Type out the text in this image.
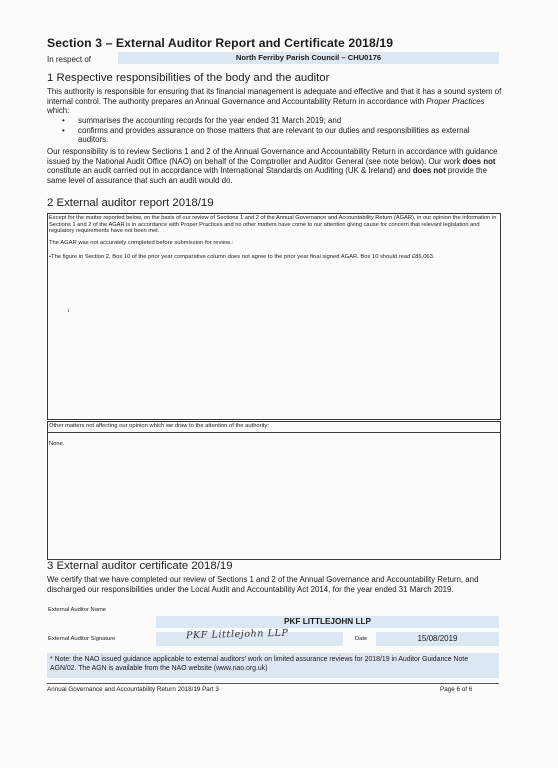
Section 3 – External Auditor Report and Certificate 2018/19
In respect of	North Ferriby Parish Council – CHU0176
1 Respective responsibilities of the body and the auditor
This authority is responsible for ensuring that its financial management is adequate and effective and that it has a sound system of internal control. The authority prepares an Annual Governance and Accountability Return in accordance with Proper Practices which:
• summarises the accounting records for the year ended 31 March 2019; and
• confirms and provides assurance on those matters that are relevant to our duties and responsibilities as external auditors.
Our responsibility is to review Sections 1 and 2 of the Annual Governance and Accountability Return in accordance with guidance issued by the National Audit Office (NAO) on behalf of the Comptroller and Auditor General (see note below). Our work does not constitute an audit carried out in accordance with International Standards on Auditing (UK & Ireland) and does not provide the same level of assurance that such an audit would do.
2 External auditor report 2018/19
Except for the matter reported below, on the basis of our review of Sections 1 and 2 of the Annual Governance and Accountability Return (AGAR), in our opinion the information in Sections 1 and 2 of the AGAR is in accordance with Proper Practices and no other matters have come to our attention giving cause for concern that relevant legislation and regulatory requirements have not been met.
The AGAR was not accurately completed before submission for review.:
•The figure in Section 2, Box 10 of the prior year comparative column does not agree to the prior year final signed AGAR. Box 10 should read £86,063.
Other matters not affecting our opinion which we draw to the attention of the authority:
None.
3 External auditor certificate 2018/19
We certify that we have completed our review of Sections 1 and 2 of the Annual Governance and Accountability Return, and discharged our responsibilities under the Local Audit and Accountability Act 2014, for the year ended 31 March 2019.
External Auditor Name
PKF LITTLEJOHN LLP
External Auditor Signature	PKF Littlejohn LLP	Date	15/08/2019
* Note: the NAO issued guidance applicable to external auditors' work on limited assurance reviews for 2018/19 in Auditor Guidance Note AGN/02. The AGN is available from the NAO website (www.nao.org.uk)
Annual Governance and Accountability Return 2018/19 Part 3	Page 6 of 6
